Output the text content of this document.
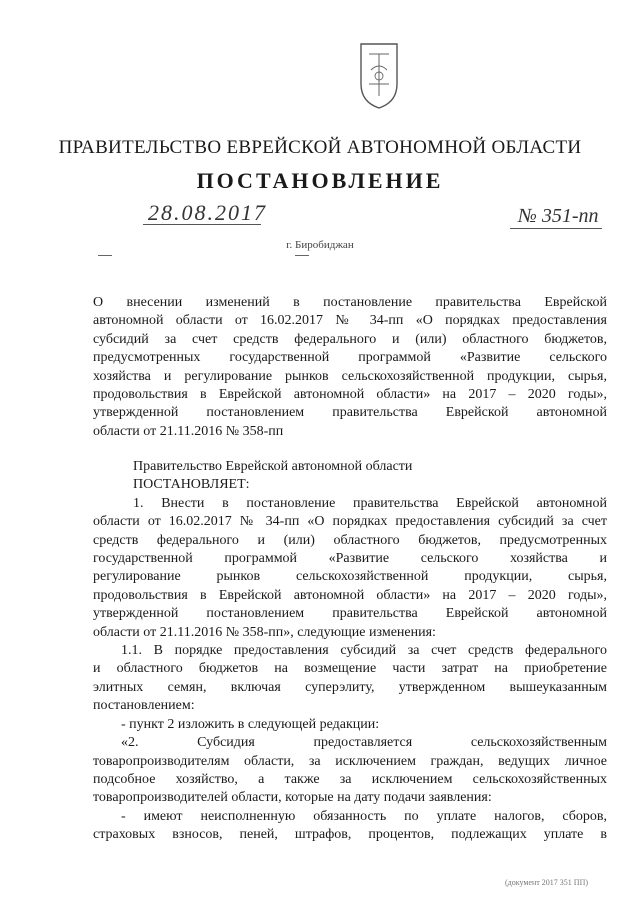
ПРАВИТЕЛЬСТВО ЕВРЕЙСКОЙ АВТОНОМНОЙ ОБЛАСТИ
ПОСТАНОВЛЕНИЕ
28.08.2017	№ 351-пп
г. Биробиджан
О внесении изменений в постановление правительства Еврейской
автономной области от 16.02.2017 № 34-пп «О порядках предоставления
субсидий за счет средств федерального и (или) областного бюджетов,
предусмотренных государственной программой «Развитие сельского
хозяйства и регулирование рынков сельскохозяйственной продукции, сырья,
продовольствия в Еврейской автономной области» на 2017 – 2020 годы»,
утвержденной постановлением правительства Еврейской автономной
области от 21.11.2016 № 358-пп
Правительство Еврейской автономной области
ПОСТАНОВЛЯЕТ:
1. Внести в постановление правительства Еврейской автономной
области от 16.02.2017 № 34-пп «О порядках предоставления субсидий за счет
средств федерального и (или) областного бюджетов, предусмотренных
государственной программой «Развитие сельского хозяйства и
регулирование рынков сельскохозяйственной продукции, сырья,
продовольствия в Еврейской автономной области» на 2017 – 2020 годы»,
утвержденной постановлением правительства Еврейской автономной
области от 21.11.2016 № 358-пп», следующие изменения:
1.1. В порядке предоставления субсидий за счет средств федерального
и областного бюджетов на возмещение части затрат на приобретение
элитных семян, включая суперэлиту, утвержденном вышеуказанным
постановлением:
- пункт 2 изложить в следующей редакции:
«2. Субсидия предоставляется сельскохозяйственным
товаропроизводителям области, за исключением граждан, ведущих личное
подсобное хозяйство, а также за исключением сельскохозяйственных
товаропроизводителей области, которые на дату подачи заявления:
- имеют неисполненную обязанность по уплате налогов, сборов,
страховых взносов, пеней, штрафов, процентов, подлежащих уплате в
(документ 2017 351 ПП)
